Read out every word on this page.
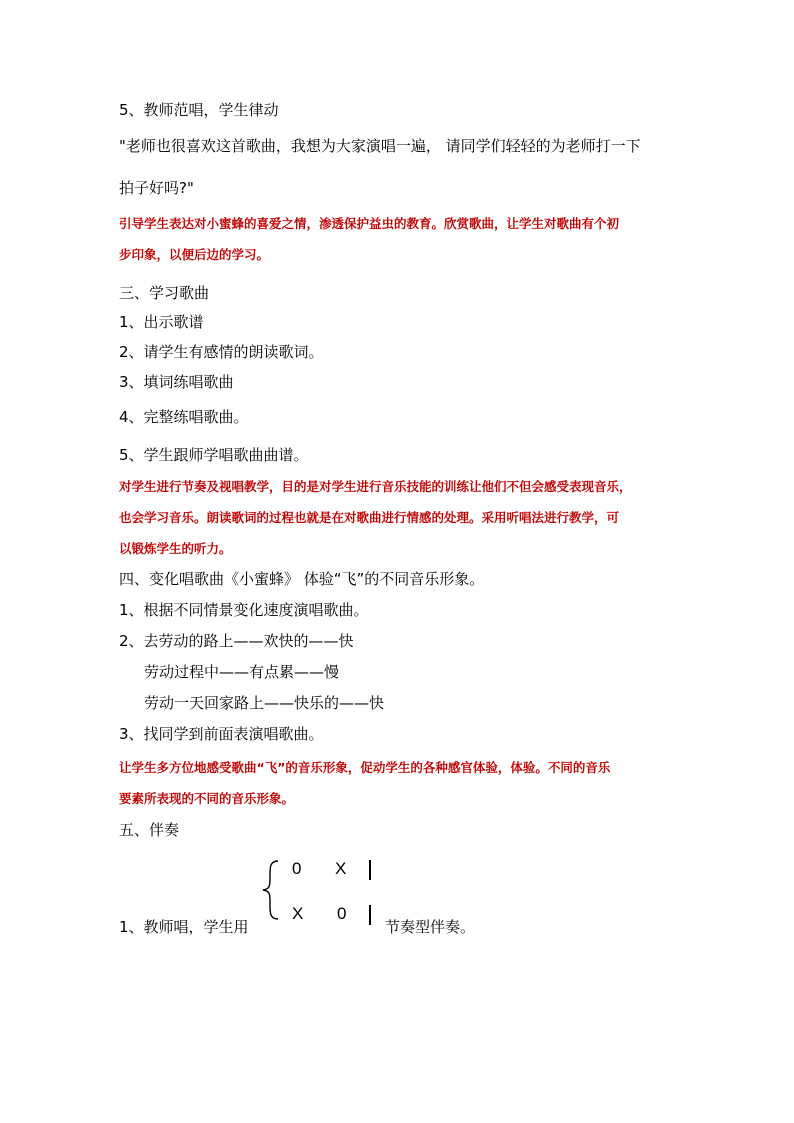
5、教师范唱，学生律动
"老师也很喜欢这首歌曲，我想为大家演唱一遍， 请同学们轻轻的为老师打一下
拍子好吗?"
引导学生表达对小蜜蜂的喜爱之情，渗透保护益虫的教育。欣赏歌曲，让学生对歌曲有个初
步印象，以便后边的学习。
三、学习歌曲
1、出示歌谱
2、请学生有感情的朗读歌词。
3、填词练唱歌曲
4、完整练唱歌曲。
5、学生跟师学唱歌曲曲谱。
对学生进行节奏及视唱教学，目的是对学生进行音乐技能的训练让他们不但会感受表现音乐，
也会学习音乐。朗读歌词的过程也就是在对歌曲进行情感的处理。采用听唱法进行教学，可
以锻炼学生的听力。
四、变化唱歌曲《小蜜蜂》 体验“飞”的不同音乐形象。
1、根据不同情景变化速度演唱歌曲。
2、去劳动的路上——欢快的——快
劳动过程中——有点累——慢
劳动一天回家路上——快乐的——快
3、找同学到前面表演唱歌曲。
让学生多方位地感受歌曲“飞”的音乐形象，促动学生的各种感官体验，体验。不同的音乐
要素所表现的不同的音乐形象。
五、伴奏
0 X
X 0
1、教师唱，学生用	节奏型伴奏。
